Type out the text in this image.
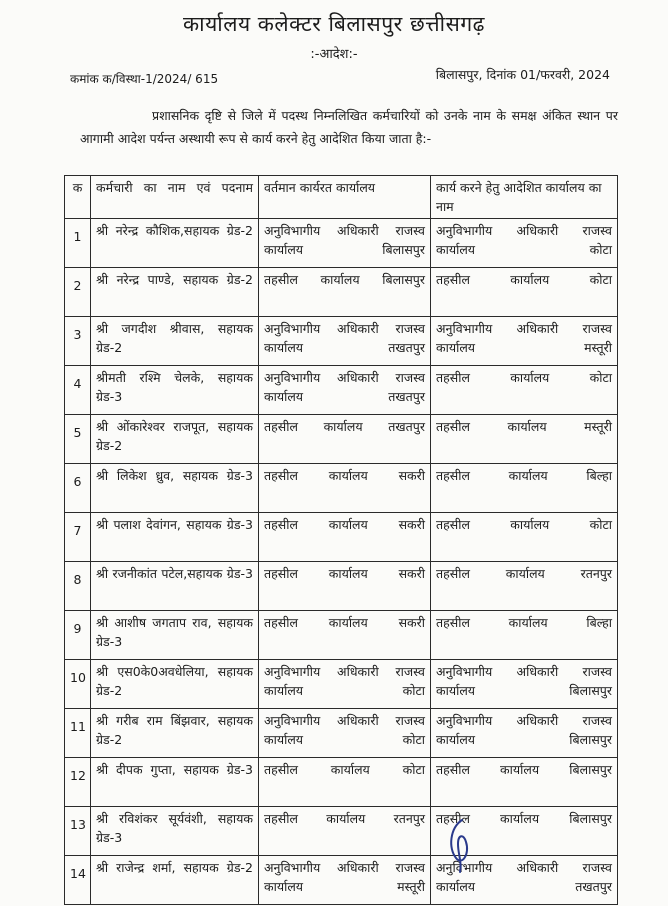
कार्यालय कलेक्टर बिलासपुर छत्तीसगढ़
:-आदेश:-
कमांक क/विस्था-1/2024/ 615	बिलासपुर, दिनांक 01/फरवरी, 2024
प्रशासनिक दृष्टि से जिले में पदस्थ निम्नलिखित कर्मचारियों को उनके नाम के समक्ष अंकित स्थान पर आगामी आदेश पर्यन्त अस्थायी रूप से कार्य करने हेतु आदेशित किया जाता है:-
क	कर्मचारी का नाम एवं पदनाम	वर्तमान कार्यरत कार्यालय	कार्य करने हेतु आदेशित कार्यालय का नाम
1	श्री नरेन्द्र कौशिक,सहायक ग्रेड-2	अनुविभागीय अधिकारी राजस्व कार्यालय बिलासपुर	अनुविभागीय अधिकारी राजस्व कार्यालय कोटा
2	श्री नरेन्द्र पाण्डे, सहायक ग्रेड-2	तहसील कार्यालय बिलासपुर	तहसील कार्यालय कोटा
3	श्री जगदीश श्रीवास, सहायक ग्रेड-2	अनुविभागीय अधिकारी राजस्व कार्यालय तखतपुर	अनुविभागीय अधिकारी राजस्व कार्यालय मस्तूरी
4	श्रीमती रश्मि चेलके, सहायक ग्रेड-3	अनुविभागीय अधिकारी राजस्व कार्यालय तखतपुर	तहसील कार्यालय कोटा
5	श्री ओंकारेश्वर राजपूत, सहायक ग्रेड-2	तहसील कार्यालय तखतपुर	तहसील कार्यालय मस्तूरी
6	श्री लिकेश ध्रुव, सहायक ग्रेड-3	तहसील कार्यालय सकरी	तहसील कार्यालय बिल्हा
7	श्री पलाश देवांगन, सहायक ग्रेड-3	तहसील कार्यालय सकरी	तहसील कार्यालय कोटा
8	श्री रजनीकांत पटेल,सहायक ग्रेड-3	तहसील कार्यालय सकरी	तहसील कार्यालय रतनपुर
9	श्री आशीष जगताप राव, सहायक ग्रेड-3	तहसील कार्यालय सकरी	तहसील कार्यालय बिल्हा
10	श्री एस0के0अवधेलिया, सहायक ग्रेड-2	अनुविभागीय अधिकारी राजस्व कार्यालय कोटा	अनुविभागीय अधिकारी राजस्व कार्यालय बिलासपुर
11	श्री गरीब राम बिंझवार, सहायक ग्रेड-2	अनुविभागीय अधिकारी राजस्व कार्यालय कोटा	अनुविभागीय अधिकारी राजस्व कार्यालय बिलासपुर
12	श्री दीपक गुप्ता, सहायक ग्रेड-3	तहसील कार्यालय कोटा	तहसील कार्यालय बिलासपुर
13	श्री रविशंकर सूर्यवंशी, सहायक ग्रेड-3	तहसील कार्यालय रतनपुर	तहसील कार्यालय बिलासपुर
14	श्री राजेन्द्र शर्मा, सहायक ग्रेड-2	अनुविभागीय अधिकारी राजस्व कार्यालय मस्तूरी	अनुविभागीय अधिकारी राजस्व कार्यालय तखतपुर
